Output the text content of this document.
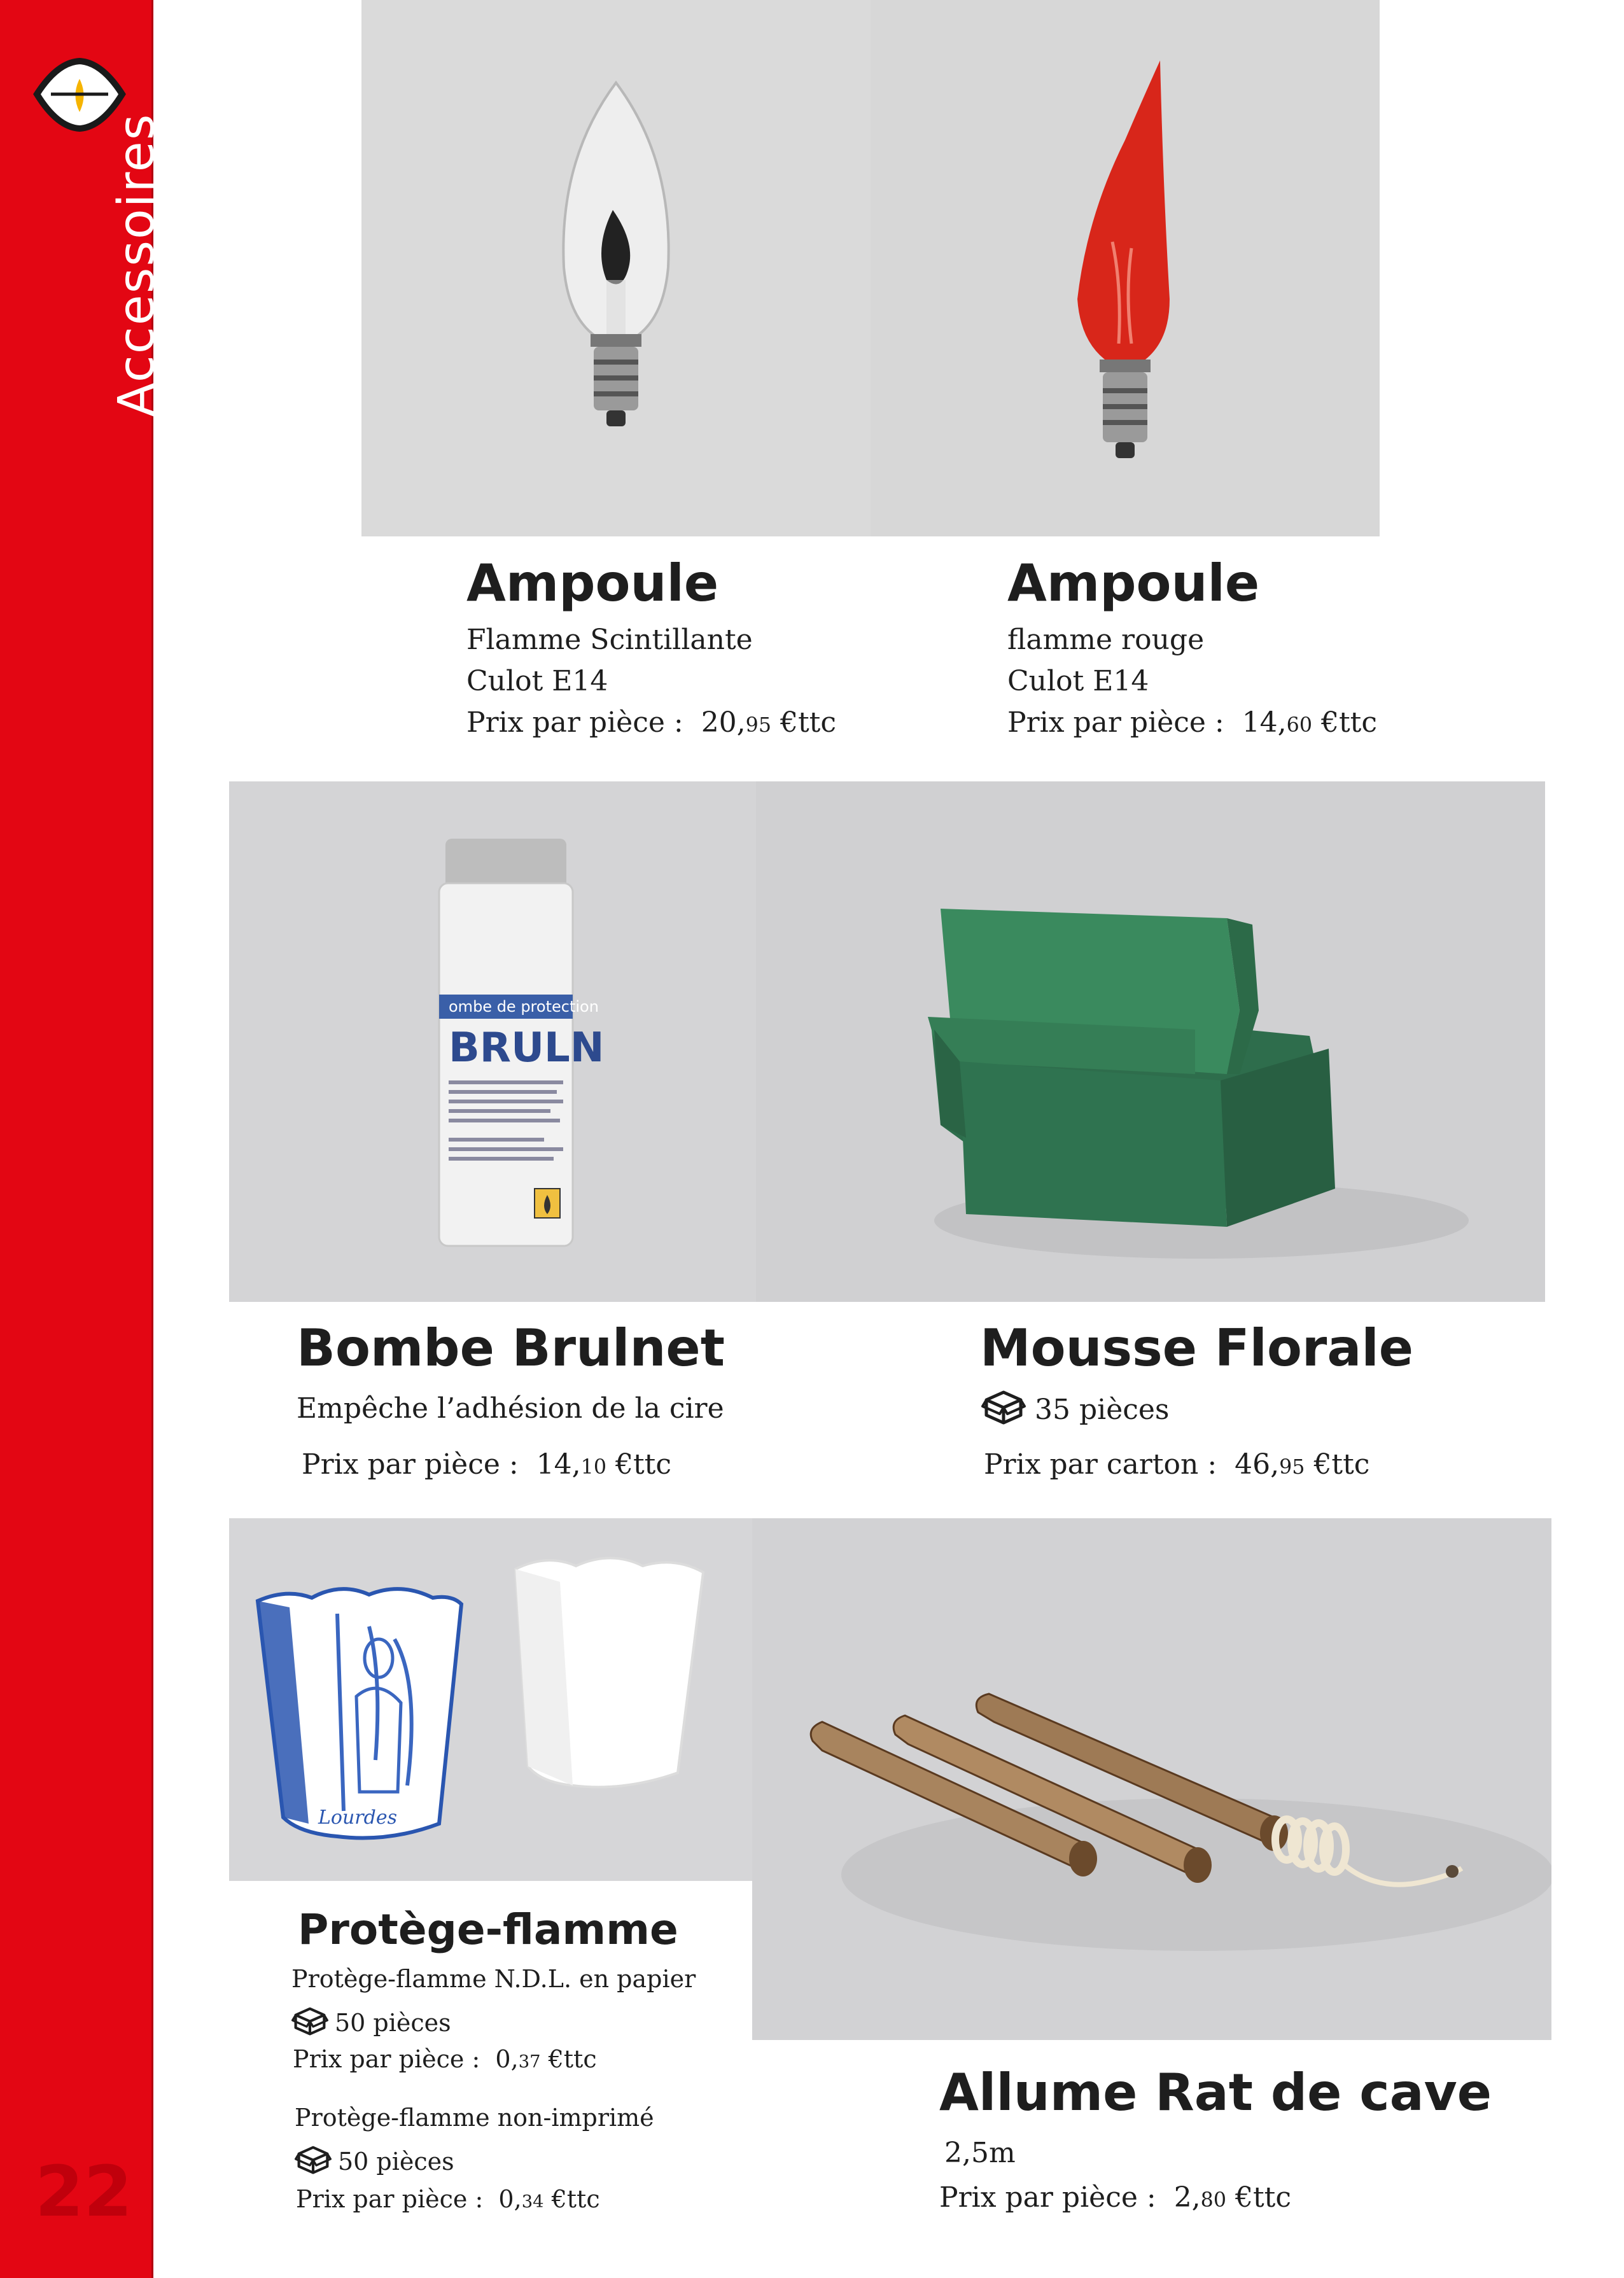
Accessoires
22
Ampoule
Flamme Scintillante
Culot E14
Prix par pièce : 20,95 €ttc
Ampoule
flamme rouge
Culot E14
Prix par pièce : 14,60 €ttc
ombe de protection
BRULN
Bombe Brulnet
Empêche l’adhésion de la cire
Prix par pièce : 14,10 €ttc
Mousse Florale
35 pièces
Prix par carton : 46,95 €ttc
Lourdes
Protège-flamme
Protège-flamme N.D.L. en papier
50 pièces
Prix par pièce : 0,37 €ttc
Protège-flamme non-imprimé
50 pièces
Prix par pièce : 0,34 €ttc
Allume Rat de cave
2,5m
Prix par pièce : 2,80 €ttc
